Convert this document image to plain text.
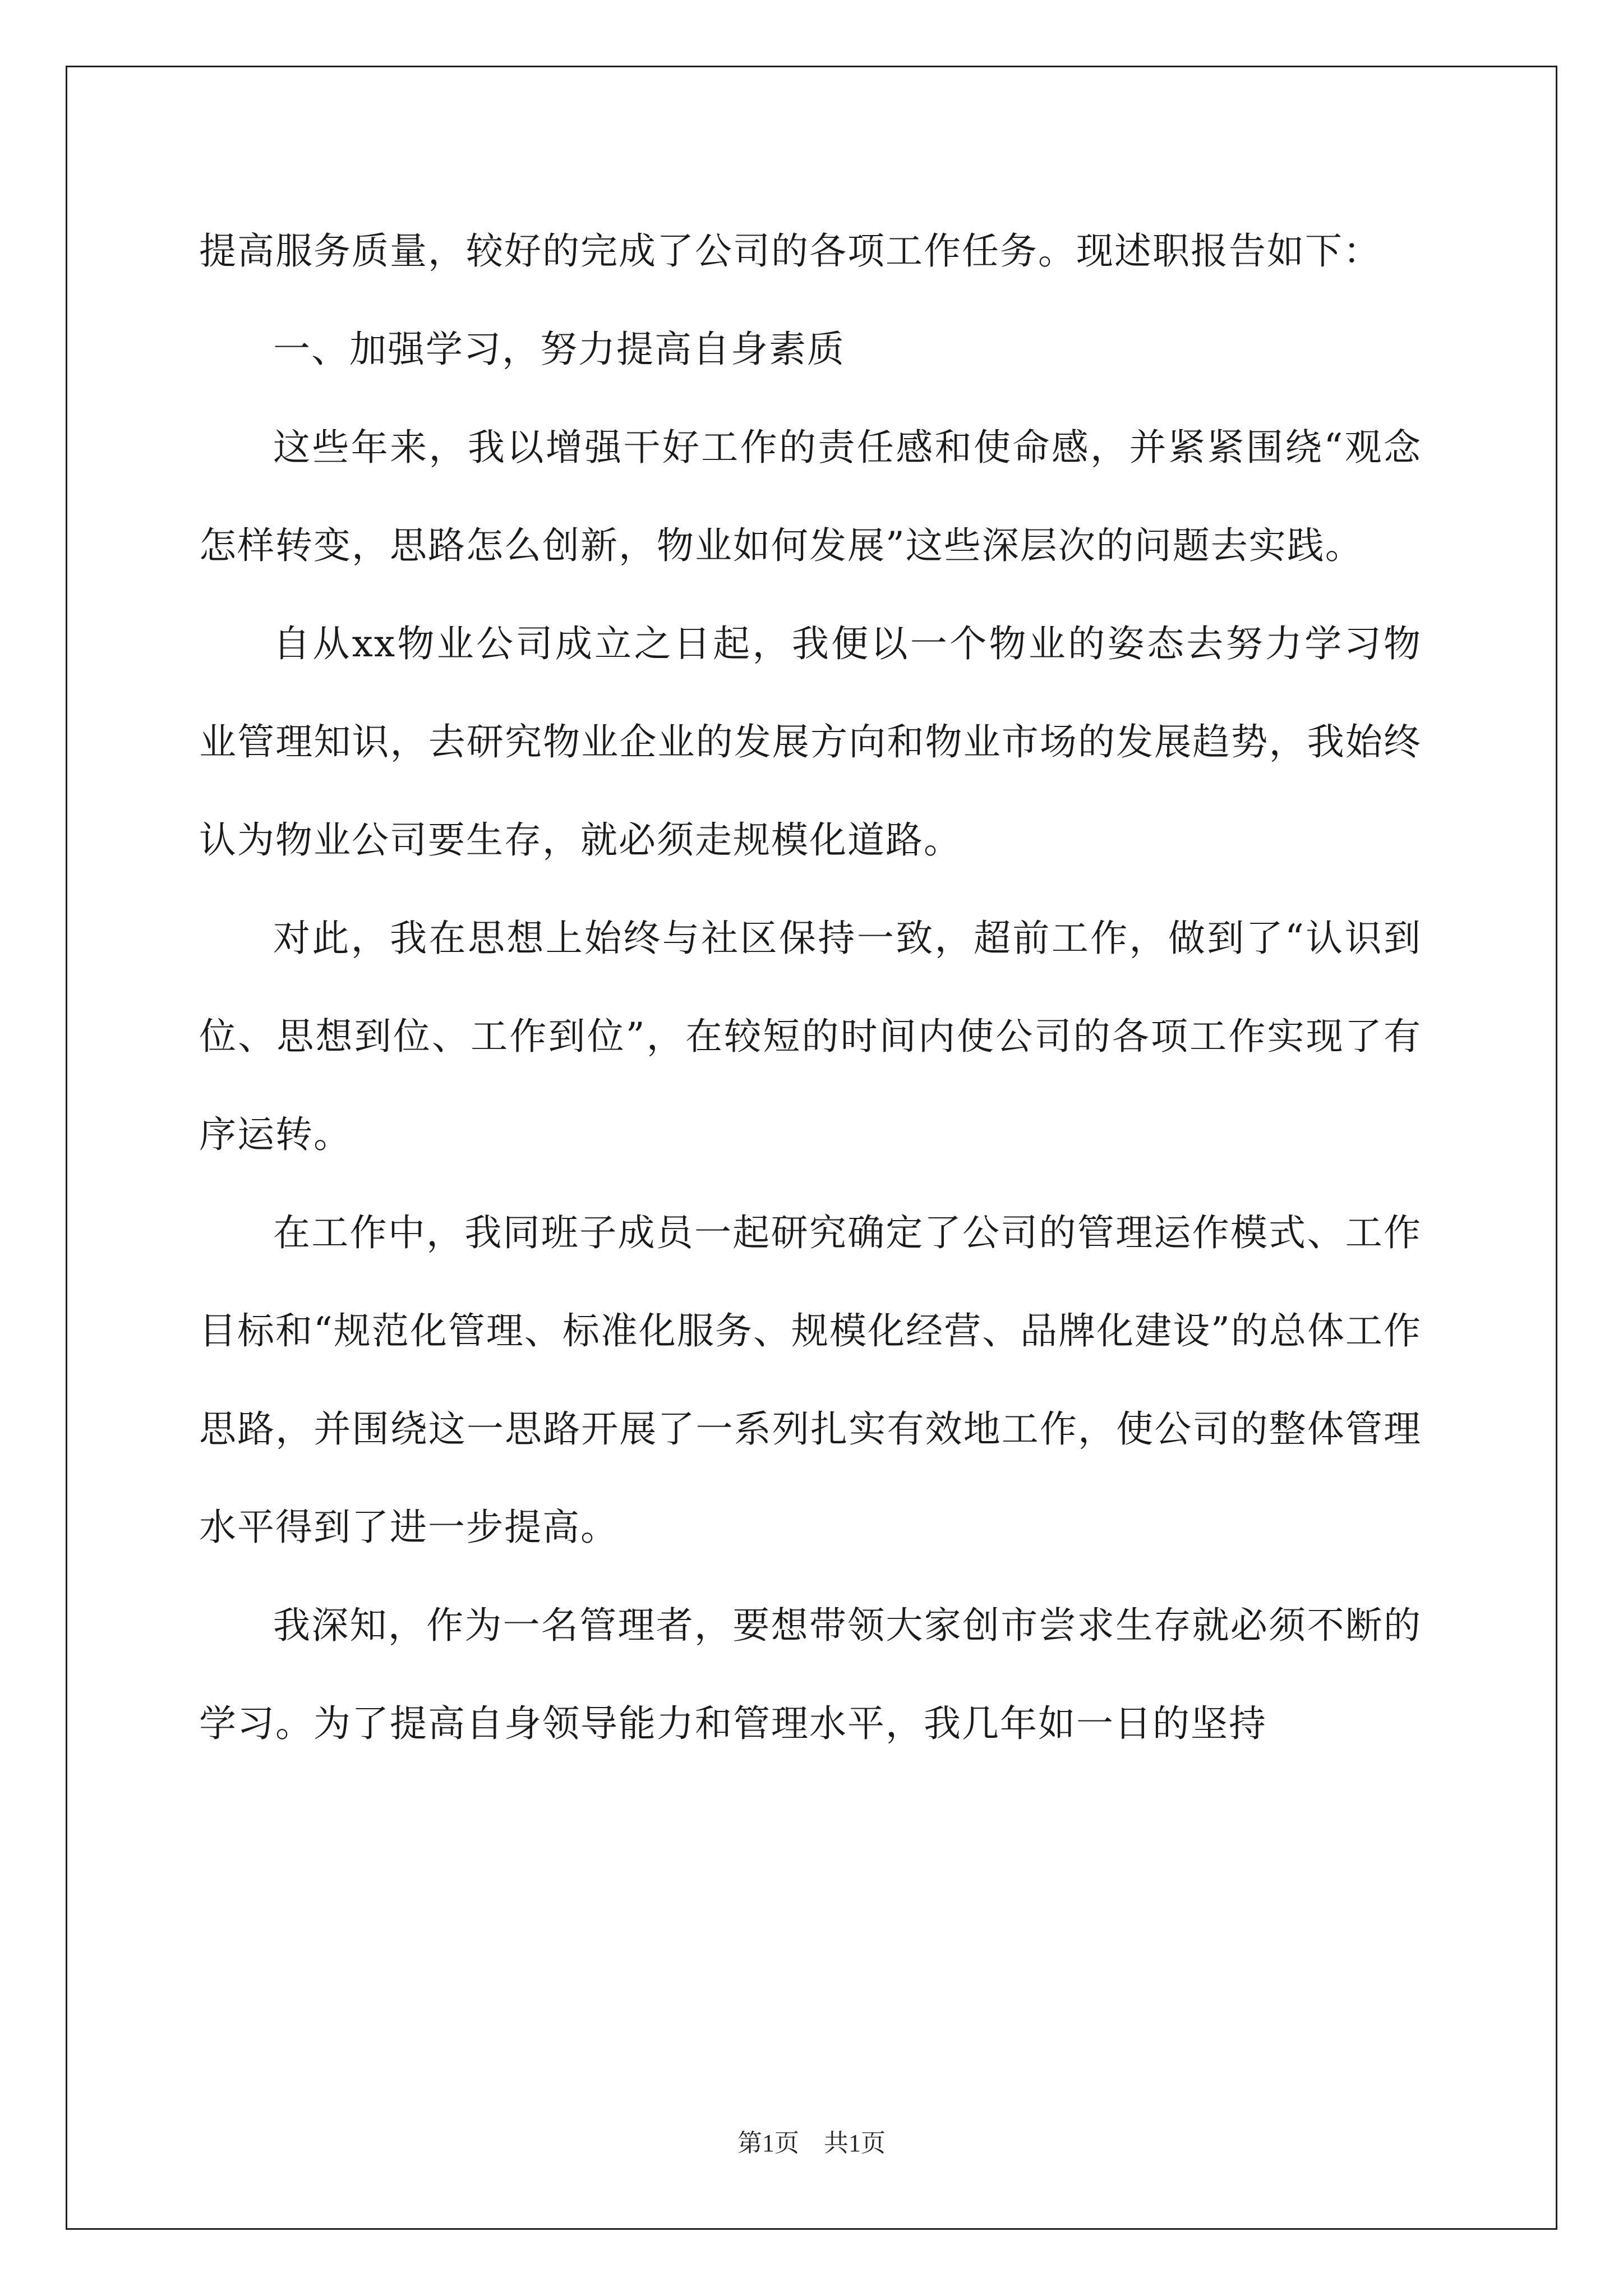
提高服务质量，较好的完成了公司的各项工作任务。现述职报告如下：

一、加强学习，努力提高自身素质

这些年来，我以增强干好工作的责任感和使命感，并紧紧围绕“观念怎样转变，思路怎么创新，物业如何发展”这些深层次的问题去实践。

自从xx物业公司成立之日起，我便以一个物业的姿态去努力学习物业管理知识，去研究物业企业的发展方向和物业市场的发展趋势，我始终认为物业公司要生存，就必须走规模化道路。

对此，我在思想上始终与社区保持一致，超前工作，做到了“认识到位、思想到位、工作到位”，在较短的时间内使公司的各项工作实现了有序运转。

在工作中，我同班子成员一起研究确定了公司的管理运作模式、工作目标和“规范化管理、标准化服务、规模化经营、品牌化建设”的总体工作思路，并围绕这一思路开展了一系列扎实有效地工作，使公司的整体管理水平得到了进一步提高。

我深知，作为一名管理者，要想带领大家创市尝求生存就必须不断的学习。为了提高自身领导能力和管理水平，我几年如一日的坚持

第1页　共1页
